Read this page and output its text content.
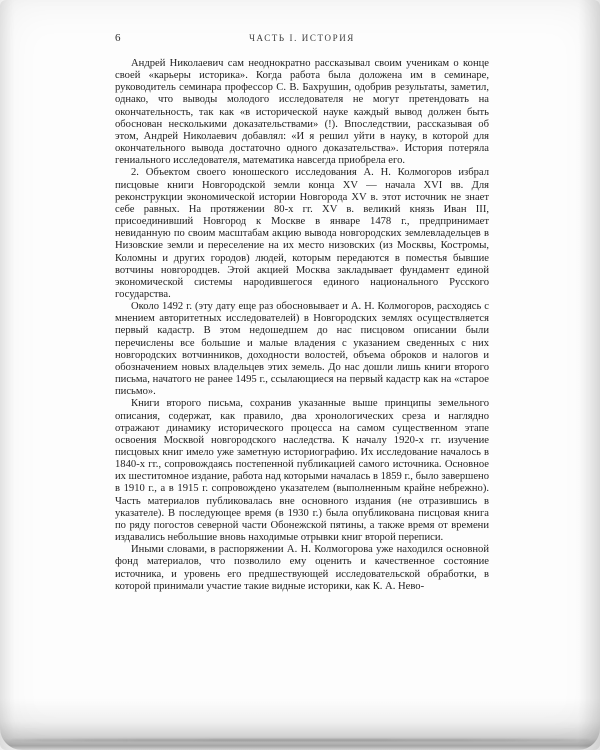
6	ЧАСТЬ I. ИСТОРИЯ

Андрей Николаевич сам неоднократно рассказывал своим ученикам о конце своей «карьеры историка». Когда работа была доложена им в семинаре, руководитель семинара профессор С. В. Бахрушин, одобрив результаты, заметил, однако, что выводы молодого исследователя не могут претендовать на окончательность, так как «в исторической науке каждый вывод должен быть обоснован несколькими доказательствами» (!). Впоследствии, рассказывая об этом, Андрей Николаевич добавлял: «И я решил уйти в науку, в которой для окончательного вывода достаточно одного доказательства». История потеряла гениального исследователя, математика навсегда приобрела его.

2. Объектом своего юношеского исследования А. Н. Колмогоров избрал писцовые книги Новгородской земли конца XV — начала XVI вв. Для реконструкции экономической истории Новгорода XV в. этот источник не знает себе равных. На протяжении 80-х гг. XV в. великий князь Иван III, присоединивший Новгород к Москве в январе 1478 г., предпринимает невиданную по своим масштабам акцию вывода новгородских землевладельцев в Низовские земли и переселение на их место низовских (из Москвы, Костромы, Коломны и других городов) людей, которым передаются в поместья бывшие вотчины новгородцев. Этой акцией Москва закладывает фундамент единой экономической системы народившегося единого национального Русского государства.

Около 1492 г. (эту дату еще раз обосновывает и А. Н. Колмогоров, расходясь с мнением авторитетных исследователей) в Новгородских землях осуществляется первый кадастр. В этом недошедшем до нас писцовом описании были перечислены все большие и малые владения с указанием сведенных с них новгородских вотчинников, доходности волостей, объема оброков и налогов и обозначением новых владельцев этих земель. До нас дошли лишь книги второго письма, начатого не ранее 1495 г., ссылающиеся на первый кадастр как на «старое письмо».

Книги второго письма, сохранив указанные выше принципы земельного описания, содержат, как правило, два хронологических среза и наглядно отражают динамику исторического процесса на самом существенном этапе освоения Москвой новгородского наследства. К началу 1920-х гг. изучение писцовых книг имело уже заметную историографию. Их исследование началось в 1840-х гг., сопровождаясь постепенной публикацией самого источника. Основное их шеститомное издание, работа над которыми началась в 1859 г., было завершено в 1910 г., а в 1915 г. сопровождено указателем (выполненным крайне небрежно). Часть материалов публиковалась вне основного издания (не отразившись в указателе). В последующее время (в 1930 г.) была опубликована писцовая книга по ряду погостов северной части Обонежской пятины, а также время от времени издавались небольшие вновь находимые отрывки книг второй переписи.

Иными словами, в распоряжении А. Н. Колмогорова уже находился основной фонд материалов, что позволило ему оценить и качественное состояние источника, и уровень его предшествующей исследовательской обработки, в которой принимали участие такие видные историки, как К. А. Нево-
